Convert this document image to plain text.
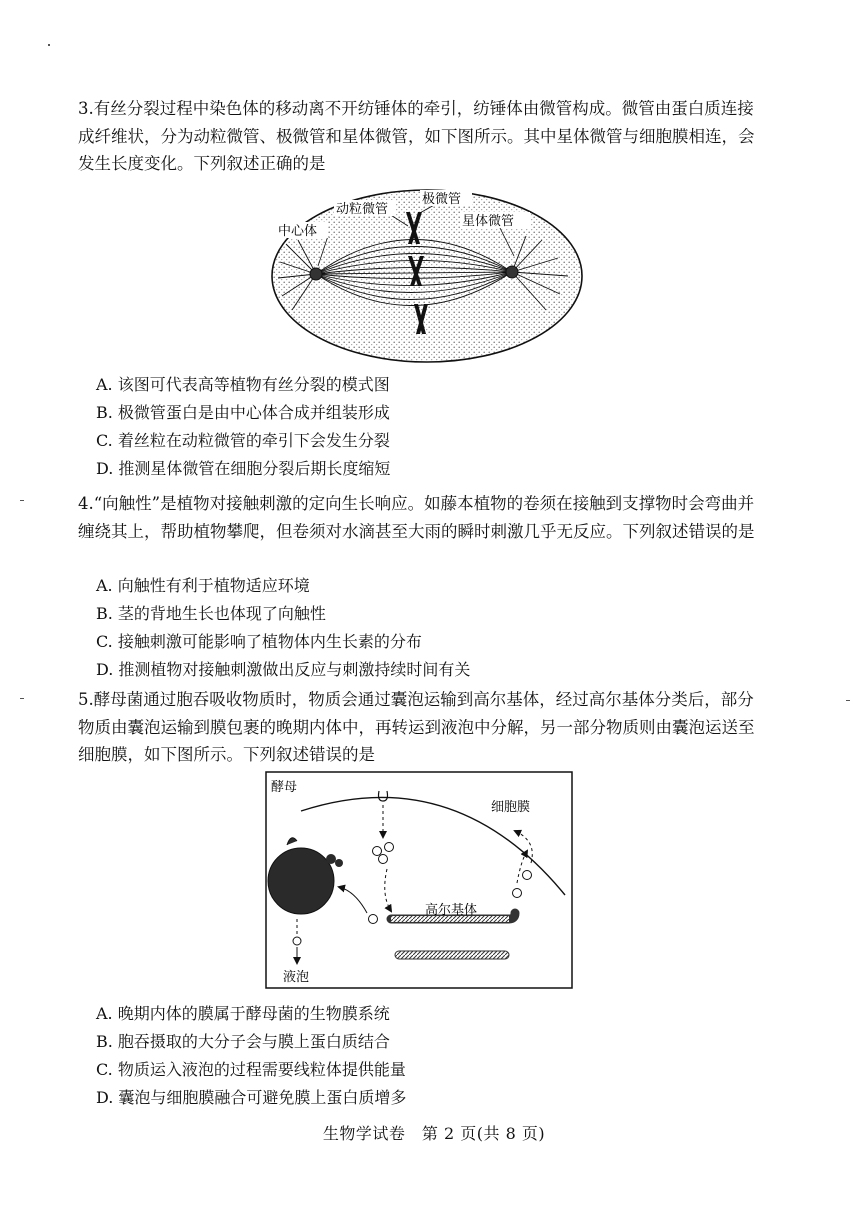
3.有丝分裂过程中染色体的移动离不开纺锤体的牵引，纺锤体由微管构成。微管由蛋白质连接成纤维状，分为动粒微管、极微管和星体微管，如下图所示。其中星体微管与细胞膜相连，会发生长度变化。下列叙述正确的是

动粒微管
极微管
中心体
星体微管

A. 该图可代表高等植物有丝分裂的模式图

B. 极微管蛋白是由中心体合成并组装形成

C. 着丝粒在动粒微管的牵引下会发生分裂

D. 推测星体微管在细胞分裂后期长度缩短

4.“向触性”是植物对接触刺激的定向生长响应。如藤本植物的卷须在接触到支撑物时会弯曲并缠绕其上，帮助植物攀爬，但卷须对水滴甚至大雨的瞬时刺激几乎无反应。下列叙述错误的是

A. 向触性有利于植物适应环境

B. 茎的背地生长也体现了向触性

C. 接触刺激可能影响了植物体内生长素的分布

D. 推测植物对接触刺激做出反应与刺激持续时间有关

5.酵母菌通过胞吞吸收物质时，物质会通过囊泡运输到高尔基体，经过高尔基体分类后，部分物质由囊泡运输到膜包裹的晚期内体中，再转运到液泡中分解，另一部分物质则由囊泡运送至细胞膜，如下图所示。下列叙述错误的是

酵母
细胞膜
高尔基体
液泡

A. 晚期内体的膜属于酵母菌的生物膜系统

B. 胞吞摄取的大分子会与膜上蛋白质结合

C. 物质运入液泡的过程需要线粒体提供能量

D. 囊泡与细胞膜融合可避免膜上蛋白质增多

生物学试卷　第 2 页(共 8 页)
